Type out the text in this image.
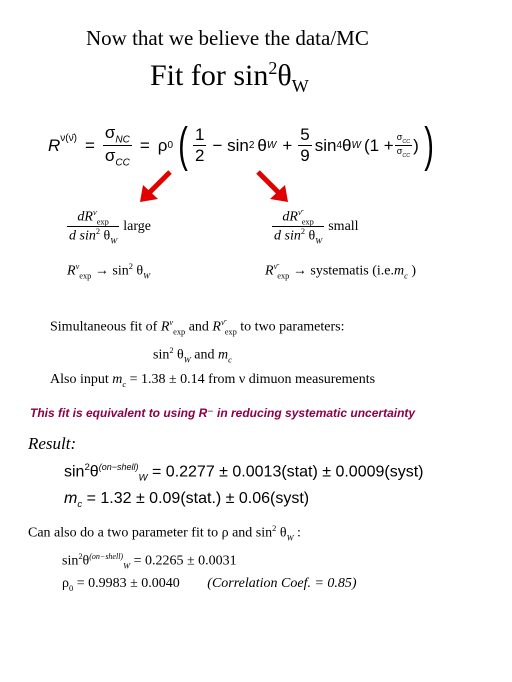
Now that we believe the data/MC
Fit for $\sin^2\theta_W$
R ν(ν̄) = $\frac{\sigma_{NC}}{\sigma_{CC}} = \rho$ 0 ( $\frac{1}{2} - \sin 2$ θ $W + \frac{5}{9}$ sin 4 θ W ($1 + \frac{\sigma_{CC}}{\sigma_{CC}}$ ) )
$\frac{dR^\nu_{exp}}{d \sin^2 \theta_W}$ large
$R^\nu_{exp} \to \sin^2 \theta_W$
$\frac{dR^{\nū}_{exp}}{d \sin^2 \theta_W}$ small
$R^{\nū}_{exp}$ → systematis ($i.e.m_c$ )
Simultaneous fit of $R^\nu_{exp}$ and $R^{\nū}_{exp}$ to two parameters:
$\sin^2 \theta_W$ and $m_c$
Also input $m_c = 1.38 \pm 0.14$ from ν dimuon measurements
This fit is equivalent to using R⁻ in reducing systematic uncertainty
Result:
$\sin^2\theta^{(on-shell)}_W = 0.2277$ ± 0.0013(stat) ± 0.0009(syst)
$m_c = 1.32$ ± 0.09(stat.) ± 0.06(syst)
Can also do a two parameter fit to ρ and $\sin^2 \theta_W$ :
$\sin^2\theta^{(on-shell)}_W = 0.2265 \pm 0.0031$
$\rho_0 = 0.9983 \pm 0.0040$ (Correlation Coef. = 0.85)
